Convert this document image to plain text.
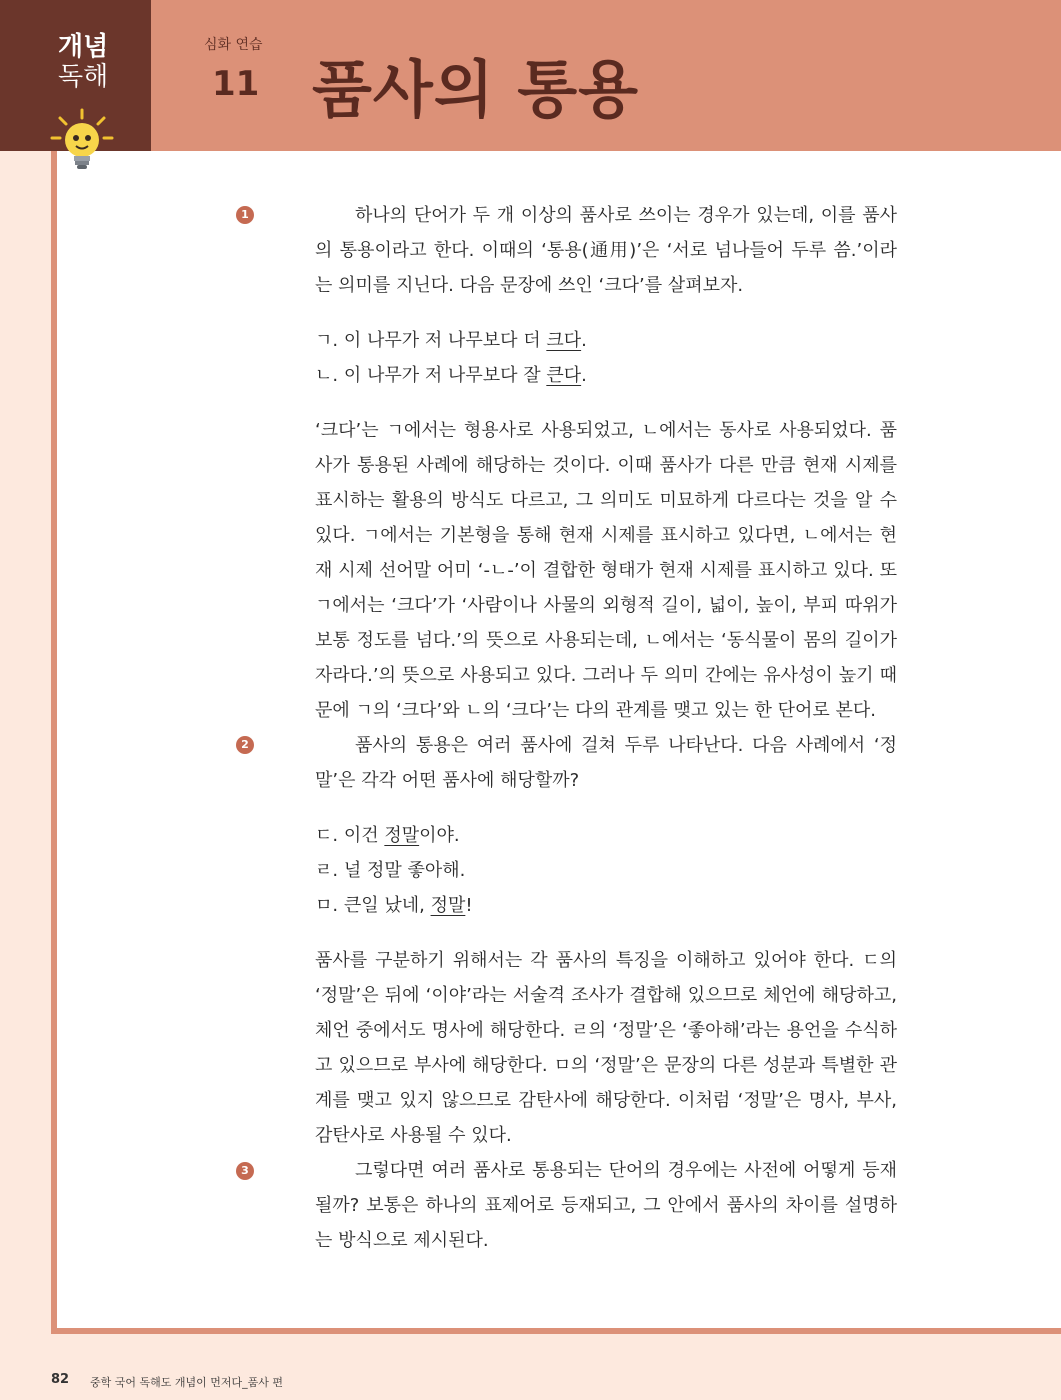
개념
독해
심화 연습
11 품사의 통용
1	하나의 단어가 두 개 이상의 품사로 쓰이는 경우가 있는데, 이를 품사의 통용이라고 한다. 이때의 ‘통용(通用)’은 ‘서로 넘나들어 두루 씀.’이라는 의미를 지닌다. 다음 문장에 쓰인 ‘크다’를 살펴보자.
ㄱ. 이 나무가 저 나무보다 더 크다.
ㄴ. 이 나무가 저 나무보다 잘 큰다.
‘크다’는 ㄱ에서는 형용사로 사용되었고, ㄴ에서는 동사로 사용되었다. 품사가 통용된 사례에 해당하는 것이다. 이때 품사가 다른 만큼 현재 시제를 표시하는 활용의 방식도 다르고, 그 의미도 미묘하게 다르다는 것을 알 수 있다. ㄱ에서는 기본형을 통해 현재 시제를 표시하고 있다면, ㄴ에서는 현재 시제 선어말 어미 ‘-ㄴ-’이 결합한 형태가 현재 시제를 표시하고 있다. 또 ㄱ에서는 ‘크다’가 ‘사람이나 사물의 외형적 길이, 넓이, 높이, 부피 따위가 보통 정도를 넘다.’의 뜻으로 사용되는데, ㄴ에서는 ‘동식물이 몸의 길이가 자라다.’의 뜻으로 사용되고 있다. 그러나 두 의미 간에는 유사성이 높기 때문에 ㄱ의 ‘크다’와 ㄴ의 ‘크다’는 다의 관계를 맺고 있는 한 단어로 본다.
2	품사의 통용은 여러 품사에 걸쳐 두루 나타난다. 다음 사례에서 ‘정말’은 각각 어떤 품사에 해당할까?
ㄷ. 이건 정말이야.
ㄹ. 널 정말 좋아해.
ㅁ. 큰일 났네, 정말!
품사를 구분하기 위해서는 각 품사의 특징을 이해하고 있어야 한다. ㄷ의 ‘정말’은 뒤에 ‘이야’라는 서술격 조사가 결합해 있으므로 체언에 해당하고, 체언 중에서도 명사에 해당한다. ㄹ의 ‘정말’은 ‘좋아해’라는 용언을 수식하고 있으므로 부사에 해당한다. ㅁ의 ‘정말’은 문장의 다른 성분과 특별한 관계를 맺고 있지 않으므로 감탄사에 해당한다. 이처럼 ‘정말’은 명사, 부사, 감탄사로 사용될 수 있다.
3	그렇다면 여러 품사로 통용되는 단어의 경우에는 사전에 어떻게 등재될까? 보통은 하나의 표제어로 등재되고, 그 안에서 품사의 차이를 설명하는 방식으로 제시된다.
82 중학 국어 독해도 개념이 먼저다_품사 편
